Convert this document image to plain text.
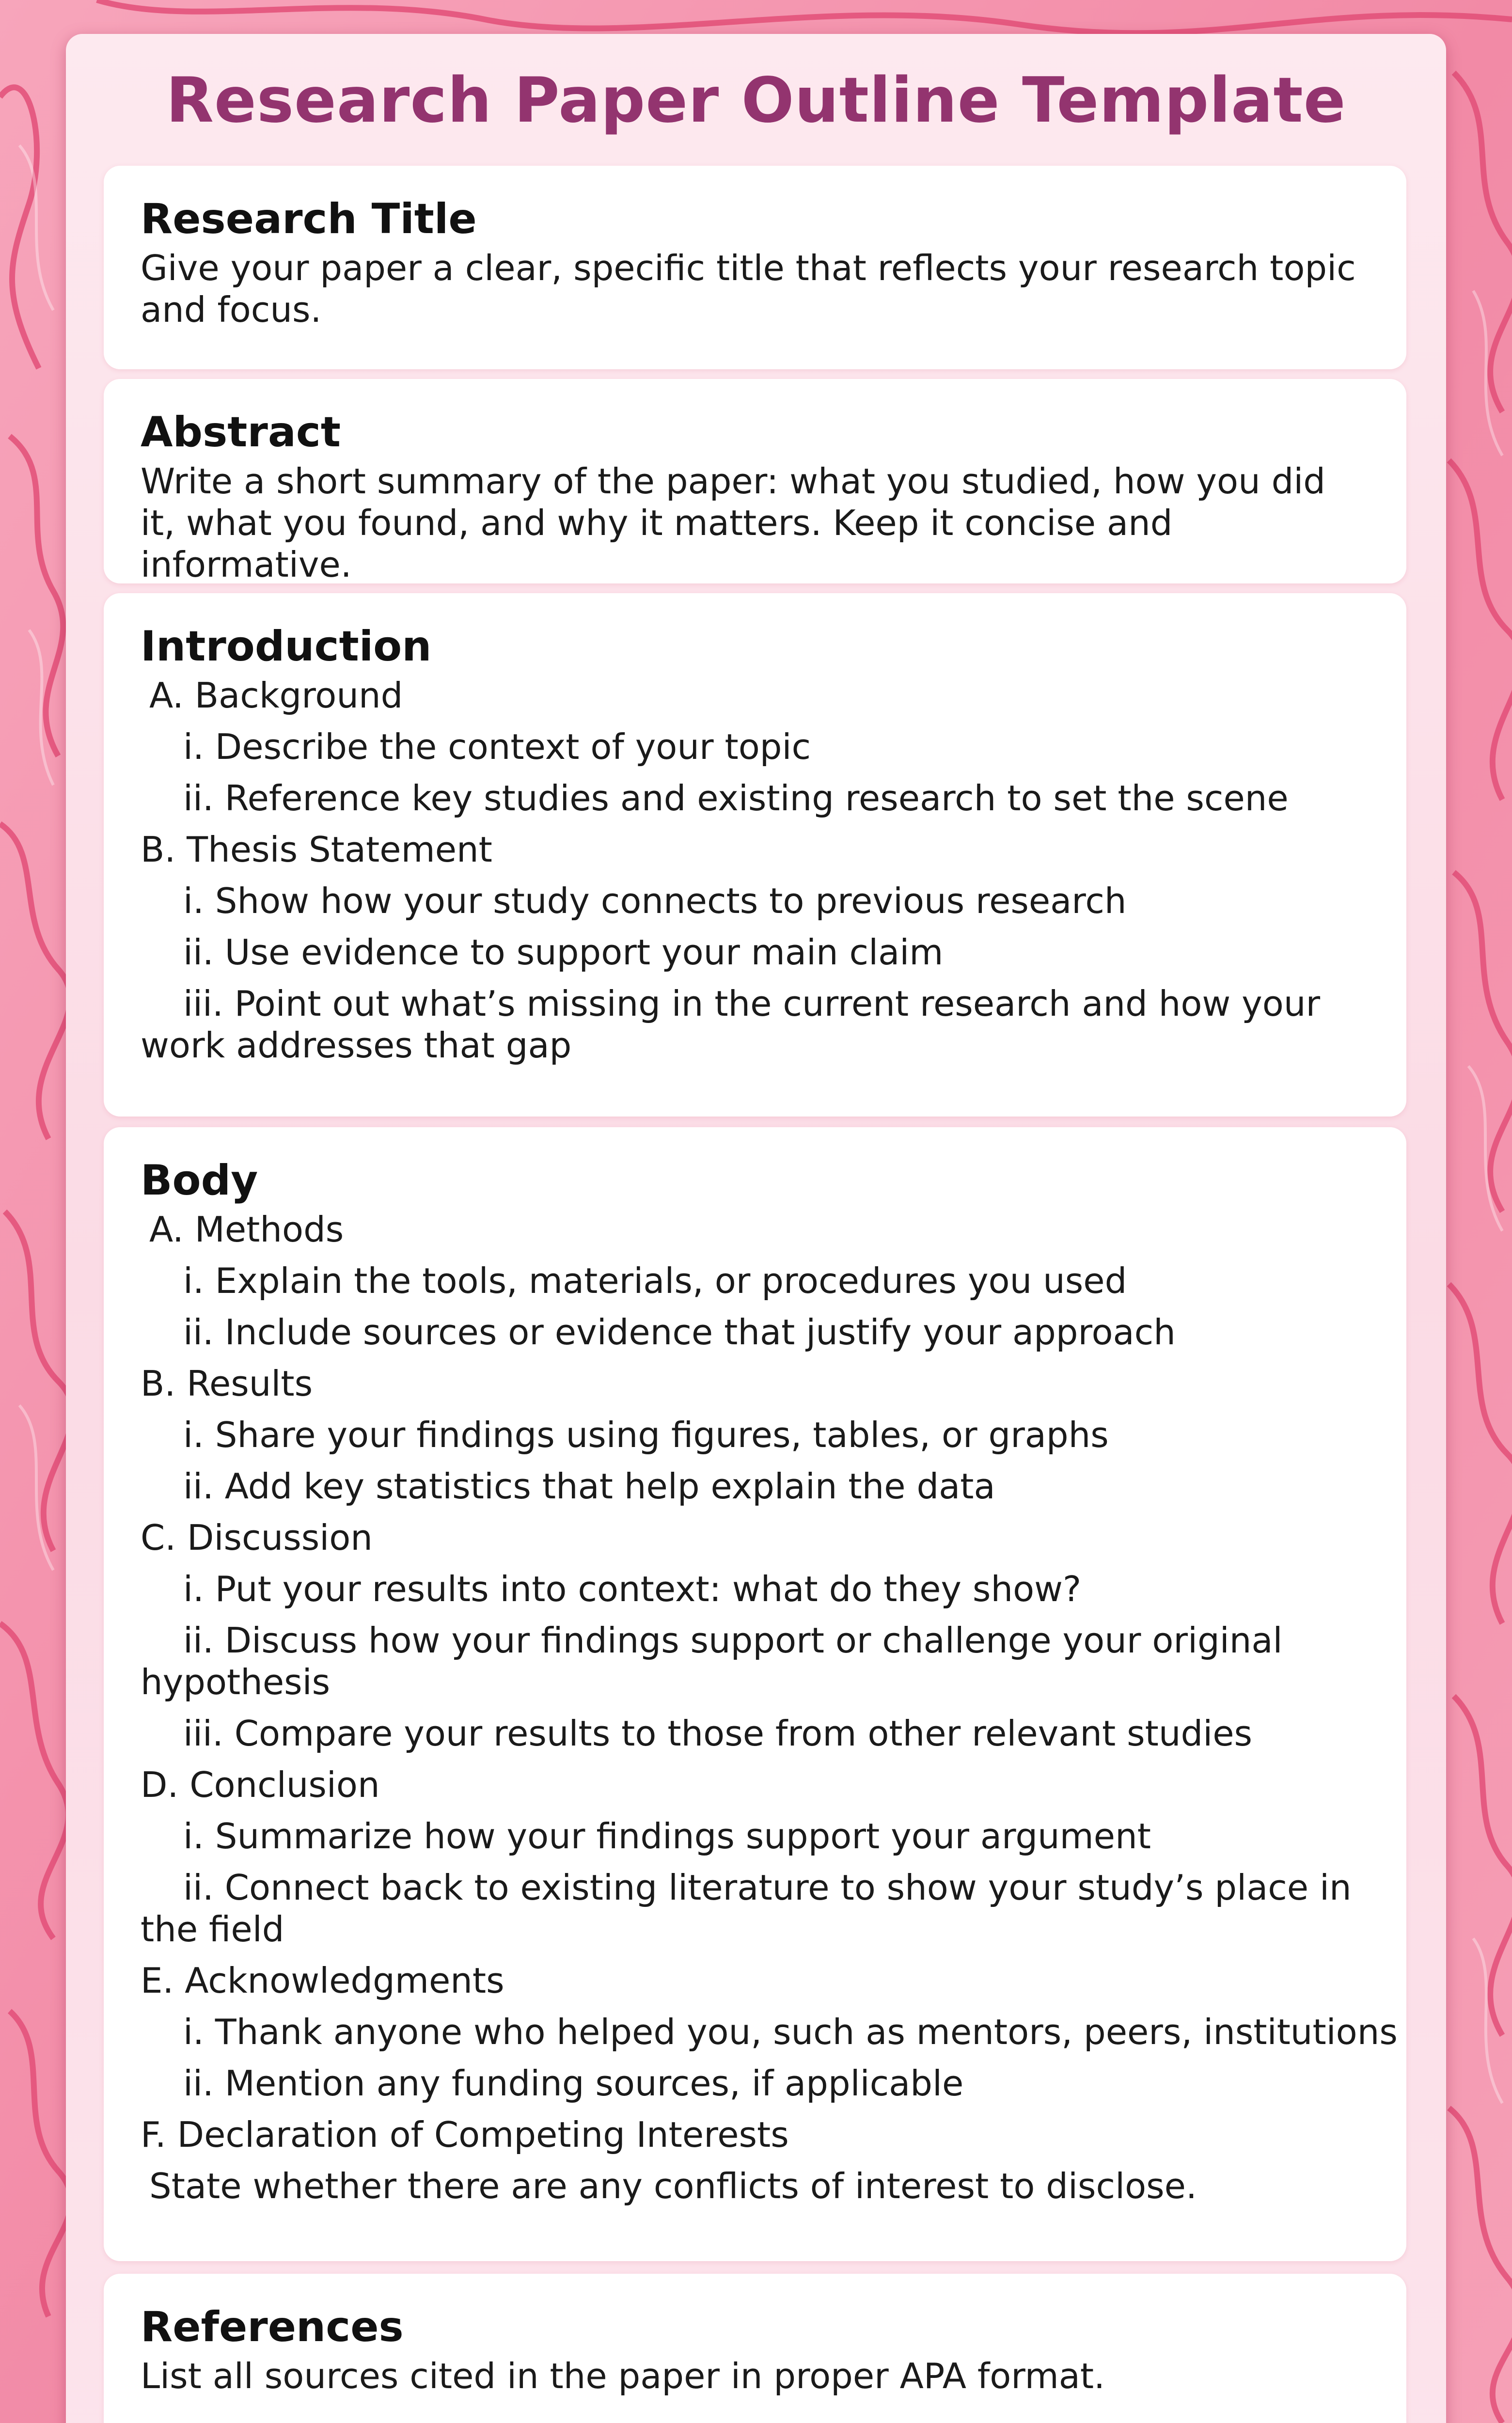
Research Paper Outline Template
Research Title
Give your paper a clear, specific title that reflects your research topic and focus.
Abstract
Write a short summary of the paper: what you studied, how you did it, what you found, and why it matters. Keep it concise and informative.
Introduction
A. Background
i. Describe the context of your topic
ii. Reference key studies and existing research to set the scene
B. Thesis Statement
i. Show how your study connects to previous research
ii. Use evidence to support your main claim
iii. Point out what’s missing in the current research and how your work addresses that gap
Body
A. Methods
i. Explain the tools, materials, or procedures you used
ii. Include sources or evidence that justify your approach
B. Results
i. Share your findings using figures, tables, or graphs
ii. Add key statistics that help explain the data
C. Discussion
i. Put your results into context: what do they show?
ii. Discuss how your findings support or challenge your original hypothesis
iii. Compare your results to those from other relevant studies
D. Conclusion
i. Summarize how your findings support your argument
ii. Connect back to existing literature to show your study’s place in the field
E. Acknowledgments
i. Thank anyone who helped you, such as mentors, peers, institutions
ii. Mention any funding sources, if applicable
F. Declaration of Competing Interests
State whether there are any conflicts of interest to disclose.
References
List all sources cited in the paper in proper APA format.
